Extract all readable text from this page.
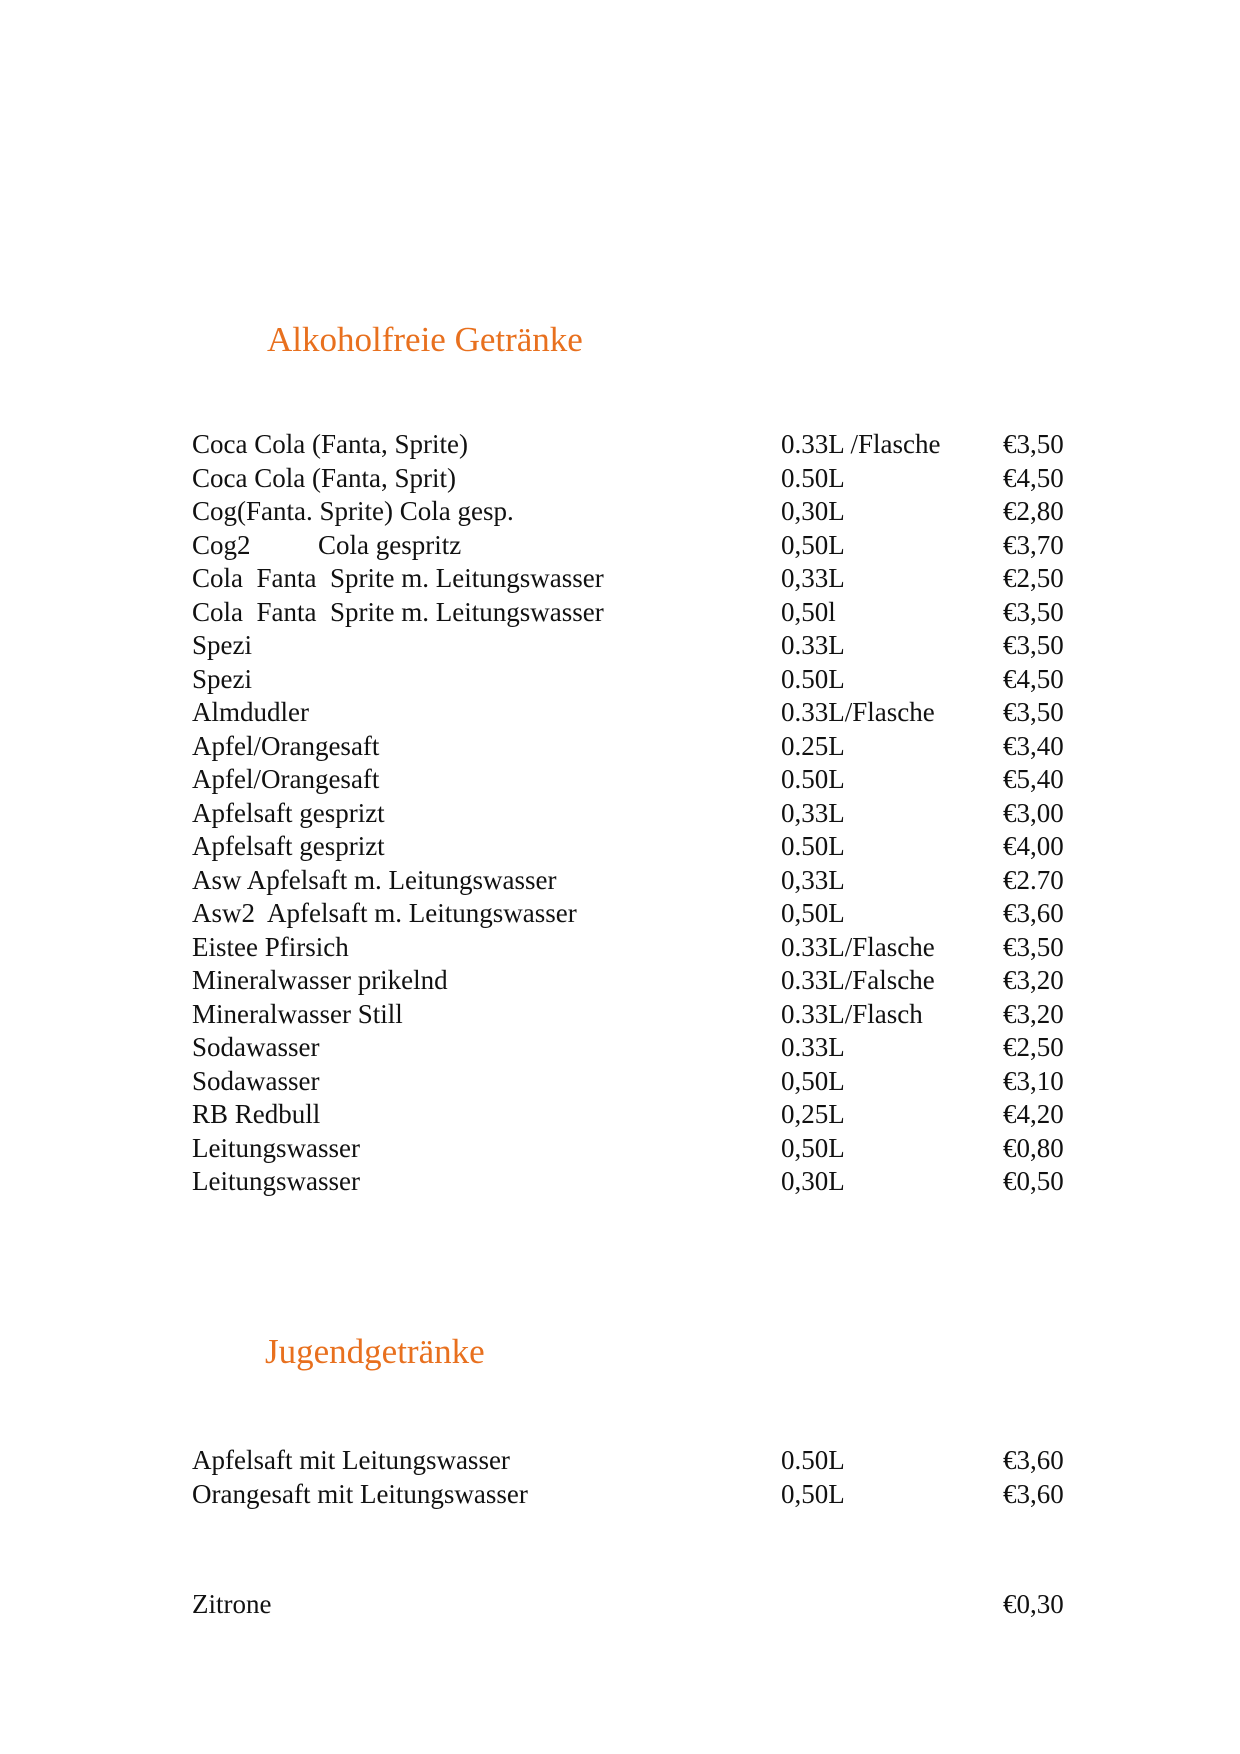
Alkoholfreie Getränke
Coca Cola (Fanta, Sprite)	0.33L /Flasche €3,50
Coca Cola (Fanta, Sprit)	0.50L	€4,50
Cog(Fanta. Sprite) Cola gesp.	0,30L	€2,80
Cog2          Cola gespritz	0,50L	€3,70
Cola  Fanta  Sprite m. Leitungswasser	0,33L	€2,50
Cola  Fanta  Sprite m. Leitungswasser	0,50l	€3,50
Spezi	0.33L	€3,50
Spezi	0.50L	€4,50
Almdudler	0.33L/Flasche	€3,50
Apfel/Orangesaft	0.25L	€3,40
Apfel/Orangesaft	0.50L	€5,40
Apfelsaft gesprizt	0,33L	€3,00
Apfelsaft gesprizt	0.50L	€4,00
Asw Apfelsaft m. Leitungswasser	0,33L	€2.70
Asw2  Apfelsaft m. Leitungswasser	0,50L	€3,60
Eistee Pfirsich	0.33L/Flasche	€3,50
Mineralwasser prikelnd	0.33L/Falsche	€3,20
Mineralwasser Still	0.33L/Flasch	€3,20
Sodawasser	0.33L	€2,50
Sodawasser	0,50L	€3,10
RB Redbull	0,25L	€4,20
Leitungswasser	0,50L	€0,80
Leitungswasser	0,30L	€0,50
Jugendgetränke
Apfelsaft mit Leitungswasser	0.50L	€3,60
Orangesaft mit Leitungswasser	0,50L	€3,60
Zitrone	€0,30
